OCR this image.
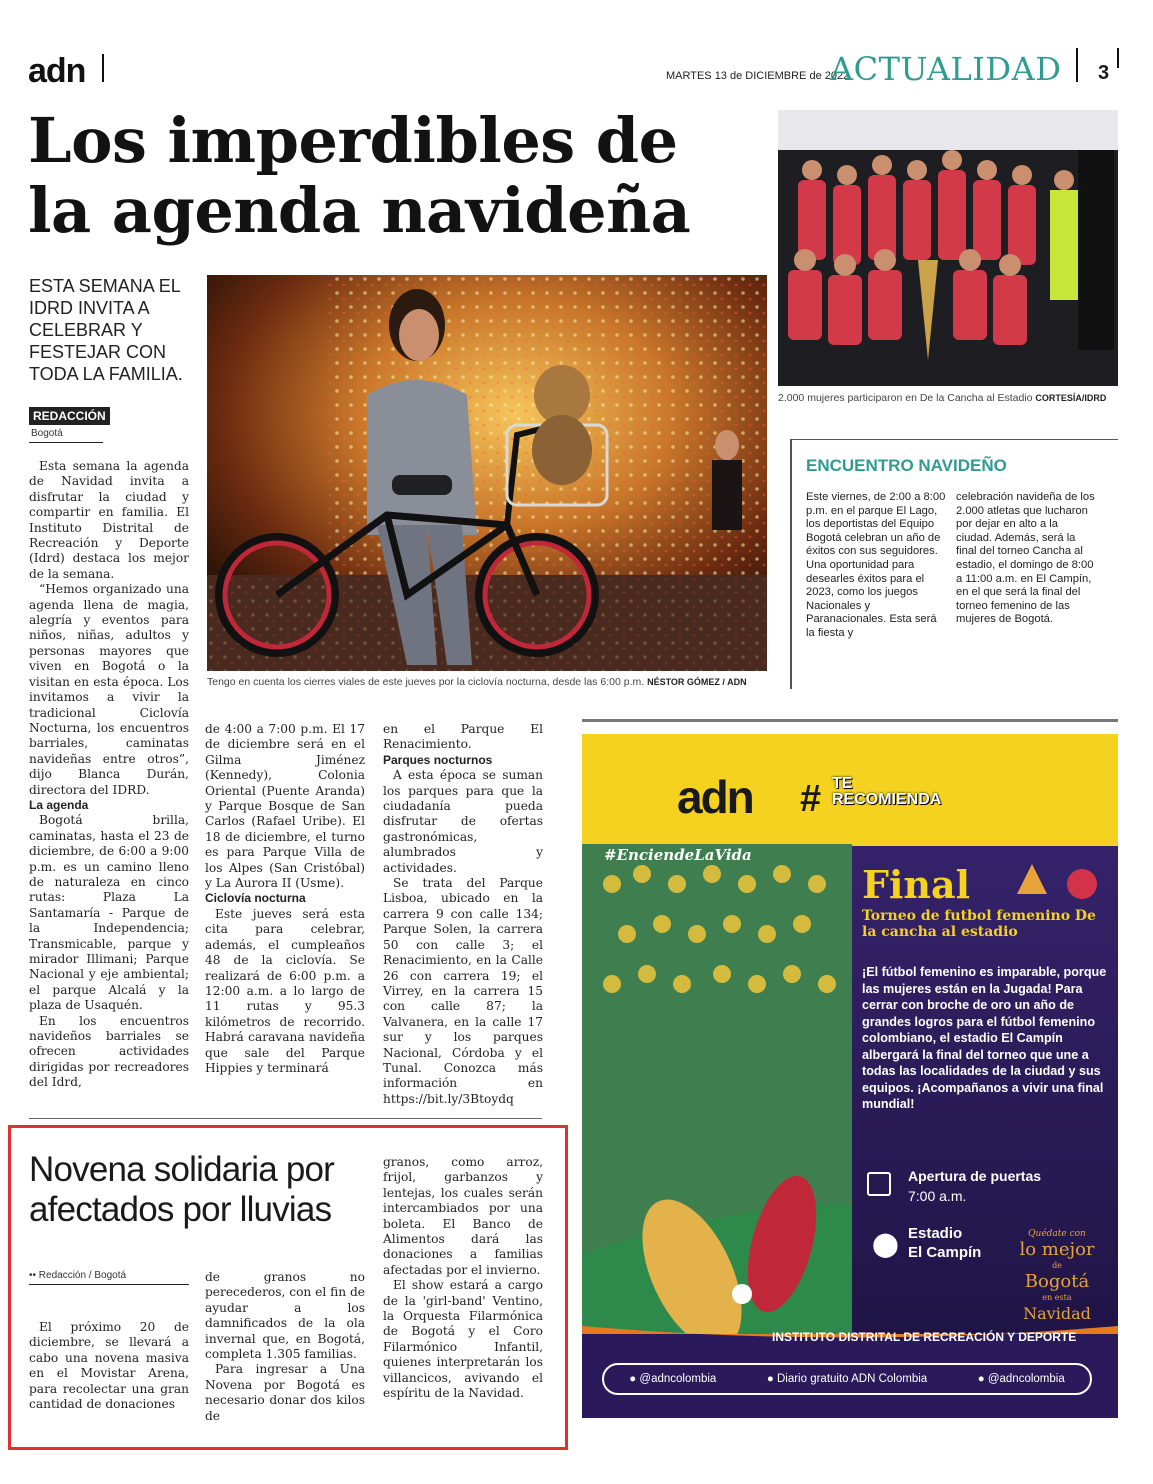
adn	MARTES 13 de DICIEMBRE de 2022
ACTUALIDAD 3
Los imperdibles de
la agenda navideña
ESTA SEMANA EL IDRD INVITA A CELEBRAR Y FESTEJAR CON TODA LA FAMILIA.
REDACCIÓN
Bogotá
Tengo en cuenta los cierres viales de este jueves por la ciclovía nocturna, desde las 6:00 p.m. NÉSTOR GÓMEZ / ADN

Esta semana la agenda de Navidad invita a disfrutar la ciudad y compartir en familia. El Instituto Distrital de Recreación y Deporte (Idrd) destaca los mejor de la semana.

“Hemos organizado una agenda llena de magia, alegría y eventos para niños, niñas, adultos y personas mayores que viven en Bogotá o la visitan en esta época. Los invitamos a vivir la tradicional Ciclovía Nocturna, los encuentros barriales, caminatas navideñas entre otros”, dijo Blanca Durán, directora del IDRD.

La agenda

Bogotá brilla, caminatas, hasta el 23 de diciembre, de 6:00 a 9:00 p.m. es un camino lleno de naturaleza en cinco rutas: Plaza La Santamaría - Parque de la Independencia; Transmicable, parque y mirador Illimani; Parque Nacional y eje ambiental; el parque Alcalá y la plaza de Usaquén.

En los encuentros navideños barriales se ofrecen actividades dirigidas por recreadores del Idrd,

de 4:00 a 7:00 p.m. El 17 de diciembre será en el Gilma Jiménez (Kennedy), Colonia Oriental (Puente Aranda) y Parque Bosque de San Carlos (Rafael Uribe). El 18 de diciembre, el turno es para Parque Villa de los Alpes (San Cristóbal) y La Aurora II (Usme).

Ciclovía nocturna

Este jueves será esta cita para celebrar, además, el cumpleaños 48 de la ciclovía. Se realizará de 6:00 p.m. a 12:00 a.m. a lo largo de 11 rutas y 95.3 kilómetros de recorrido. Habrá caravana navideña que sale del Parque Hippies y terminará

en el Parque El Renacimiento.

Parques nocturnos

A esta época se suman los parques para que la ciudadanía pueda disfrutar de ofertas gastronómicas, alumbrados y actividades.

Se trata del Parque Lisboa, ubicado en la carrera 9 con calle 134; Parque Solen, la carrera 50 con calle 3; el Renacimiento, en la Calle 26 con carrera 19; el Virrey, en la carrera 15 con calle 87; la Valvanera, en la calle 17 sur y los parques Nacional, Córdoba y el Tunal. Conozca más información en https://bit.ly/3Btoydq

2.000 mujeres participaron en De la Cancha al Estadio CORTESÍA/IDRD
ENCUENTRO NAVIDEÑO
Este viernes, de 2:00 a 8:00 p.m. en el parque El Lago, los deportistas del Equipo Bogotá celebran un año de éxitos con sus seguidores. Una oportunidad para desearles éxitos para el 2023, como los juegos Nacionales y Paranacionales. Esta será la fiesta y
celebración navideña de los 2.000 atletas que lucharon por dejar en alto a la ciudad. Además, será la final del torneo Cancha al estadio, el domingo de 8:00 a 11:00 a.m. en El Campín, en el que será la final del torneo femenino de las mujeres de Bogotá.
adn # TE
RECOMIENDA
#EnciendeLaVida
Final
Torneo de futbol femenino De la cancha al estadio
¡El fútbol femenino es imparable, porque las mujeres están en la Jugada! Para cerrar con broche de oro un año de grandes logros para el fútbol femenino colombiano, el estadio El Campín albergará la final del torneo que une a todas las localidades de la ciudad y sus equipos. ¡Acompañanos a vivir una final mundial!
Apertura de puertas
7:00 a.m.
⬤ Estadio
El Campín
Quédate con
lo mejor
de
Bogotá
en esta
Navidad
INSTITUTO DISTRITAL DE RECREACIÓN Y DEPORTE
● @adncolombia	● Diario gratuito ADN Colombia	● @adncolombia
Novena solidaria por
afectados por lluvias
•• Redacción / Bogotá

El próximo 20 de diciembre, se llevará a cabo una novena masiva en el Movistar Arena, para recolectar una gran cantidad de donaciones

de granos no perecederos, con el fin de ayudar a los damnificados de la ola invernal que, en Bogotá, completa 1.305 familias.

Para ingresar a Una Novena por Bogotá es necesario donar dos kilos de

granos, como arroz, frijol, garbanzos y lentejas, los cuales serán intercambiados por una boleta. El Banco de Alimentos dará las donaciones a familias afectadas por el invierno.

El show estará a cargo de la 'girl-band' Ventino, la Orquesta Filarmónica de Bogotá y el Coro Filarmónico Infantil, quienes interpretarán los villancicos, avivando el espíritu de la Navidad.
